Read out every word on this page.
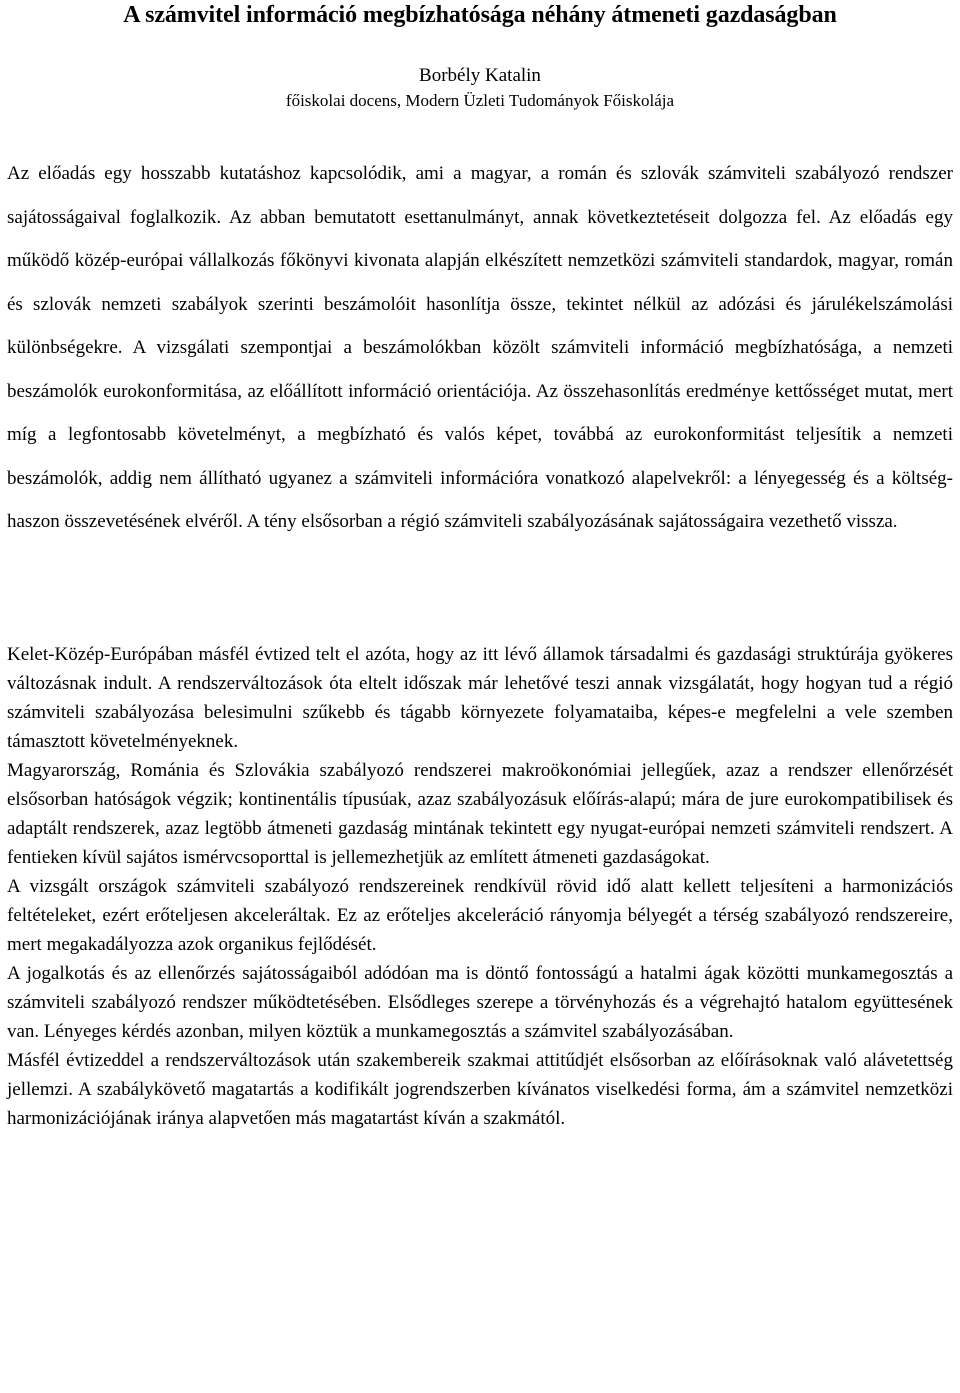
A számvitel információ megbízhatósága néhány átmeneti gazdaságban
Borbély Katalin
főiskolai docens, Modern Üzleti Tudományok Főiskolája
Az előadás egy hosszabb kutatáshoz kapcsolódik, ami a magyar, a román és szlovák számviteli szabályozó rendszer sajátosságaival foglalkozik. Az abban bemutatott esettanulmányt, annak következtetéseit dolgozza fel. Az előadás egy működő közép-európai vállalkozás főkönyvi kivonata alapján elkészített nemzetközi számviteli standardok, magyar, román és szlovák nemzeti szabályok szerinti beszámolóit hasonlítja össze, tekintet nélkül az adózási és járulékelszámolási különbségekre. A vizsgálati szempontjai a beszámolókban közölt számviteli információ megbízhatósága, a nemzeti beszámolók eurokonformitása, az előállított információ orientációja. Az összehasonlítás eredménye kettősséget mutat, mert míg a legfontosabb követelményt, a megbízható és valós képet, továbbá az eurokonformitást teljesítik a nemzeti beszámolók, addig nem állítható ugyanez a számviteli információra vonatkozó alapelvekről: a lényegesség és a költség-haszon összevetésének elvéről. A tény elsősorban a régió számviteli szabályozásának sajátosságaira vezethető vissza.

Kelet-Közép-Európában másfél évtized telt el azóta, hogy az itt lévő államok társadalmi és gazdasági struktúrája gyökeres változásnak indult. A rendszerváltozások óta eltelt időszak már lehetővé teszi annak vizsgálatát, hogy hogyan tud a régió számviteli szabályozása belesimulni szűkebb és tágabb környezete folyamataiba, képes-e megfelelni a vele szemben támasztott követelményeknek.

Magyarország, Románia és Szlovákia szabályozó rendszerei makroökonómiai jellegűek, azaz a rendszer ellenőrzését elsősorban hatóságok végzik; kontinentális típusúak, azaz szabályozásuk előírás-alapú; mára de jure eurokompatibilisek és adaptált rendszerek, azaz legtöbb átmeneti gazdaság mintának tekintett egy nyugat-európai nemzeti számviteli rendszert. A fentieken kívül sajátos ismérvcsoporttal is jellemezhetjük az említett átmeneti gazdaságokat.

A vizsgált országok számviteli szabályozó rendszereinek rendkívül rövid idő alatt kellett teljesíteni a harmonizációs feltételeket, ezért erőteljesen akceleráltak. Ez az erőteljes akceleráció rányomja bélyegét a térség szabályozó rendszereire, mert megakadályozza azok organikus fejlődését.

A jogalkotás és az ellenőrzés sajátosságaiból adódóan ma is döntő fontosságú a hatalmi ágak közötti munkamegosztás a számviteli szabályozó rendszer működtetésében. Elsődleges szerepe a törvényhozás és a végrehajtó hatalom együttesének van. Lényeges kérdés azonban, milyen köztük a munkamegosztás a számvitel szabályozásában.

Másfél évtizeddel a rendszerváltozások után szakembereik szakmai attitűdjét elsősorban az előírásoknak való alávetettség jellemzi. A szabálykövető magatartás a kodifikált jogrendszerben kívánatos viselkedési forma, ám a számvitel nemzetközi harmonizációjának iránya alapvetően más magatartást kíván a szakmától.
